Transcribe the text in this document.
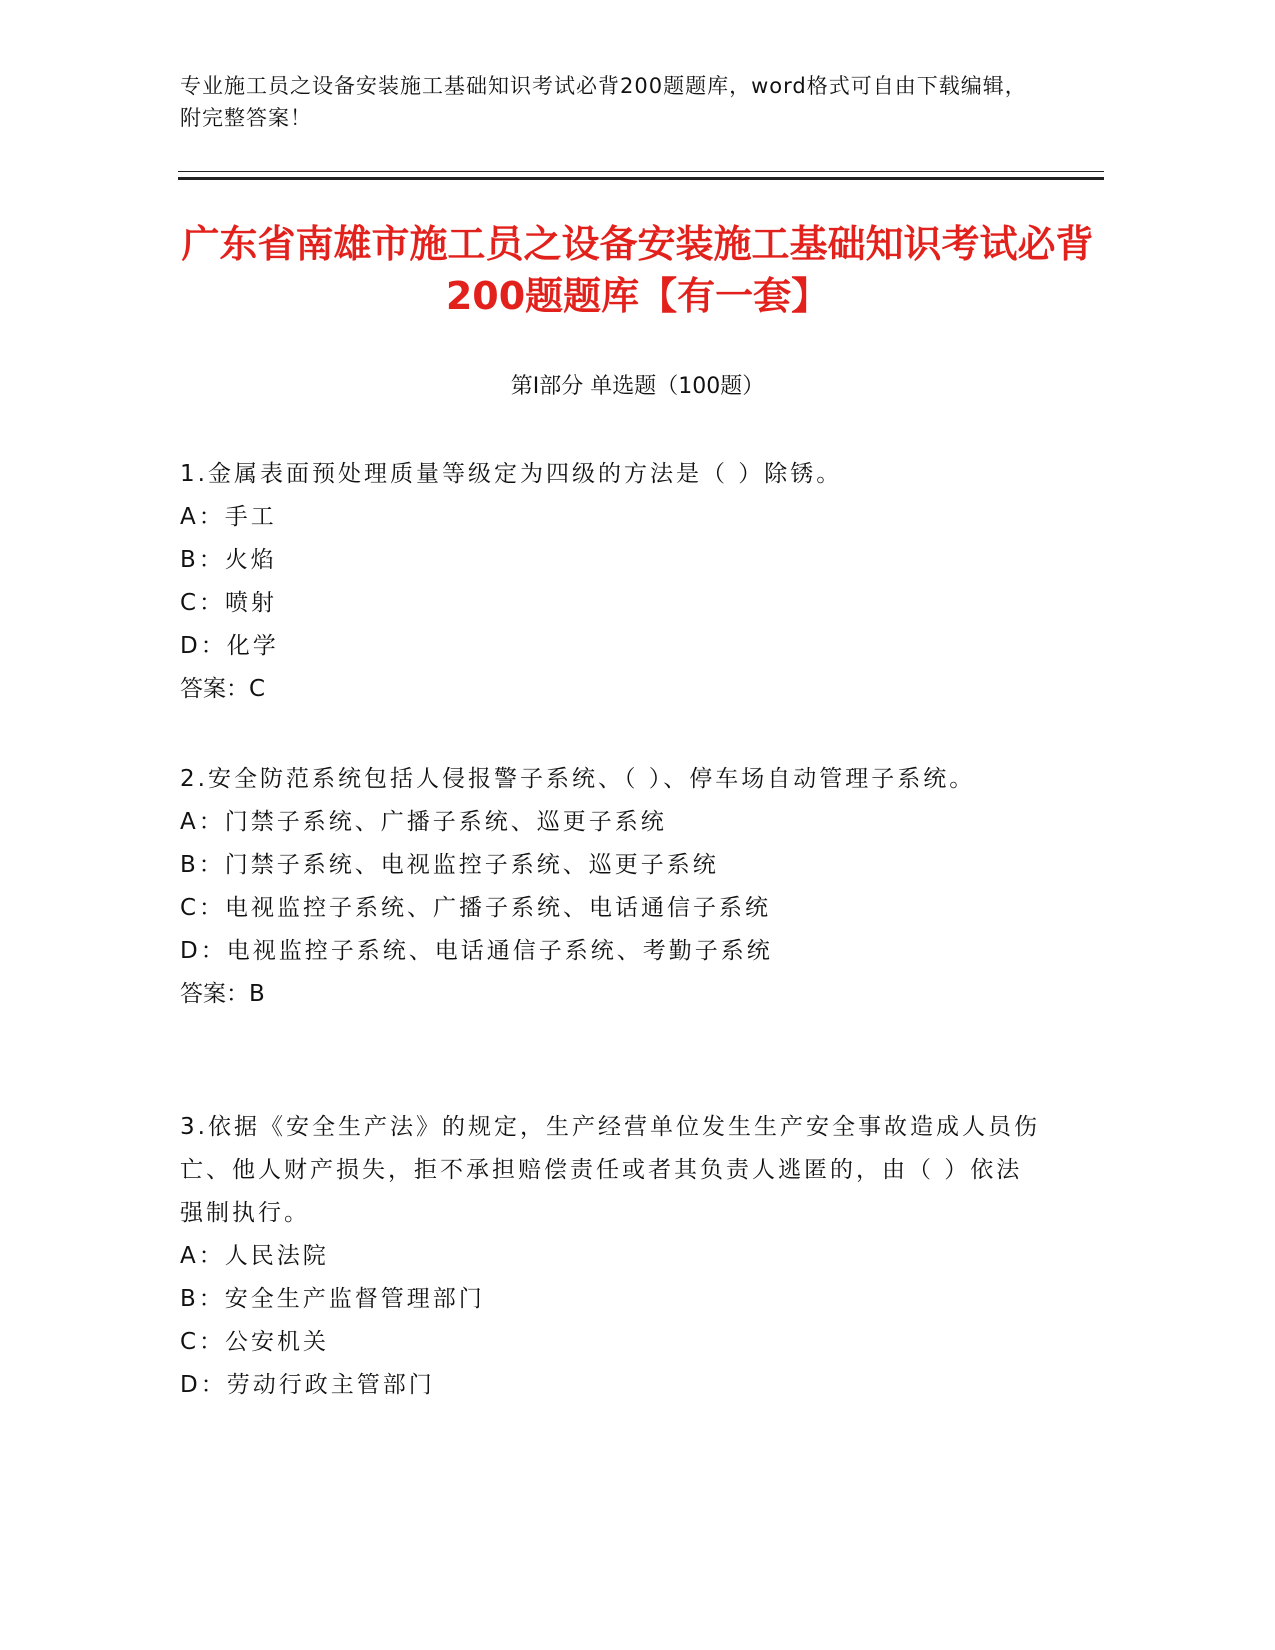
专业施工员之设备安装施工基础知识考试必背200题题库，word格式可自由下载编辑，附完整答案！
广东省南雄市施工员之设备安装施工基础知识考试必背200题题库【有一套】
第Ⅰ部分 单选题（100题）
1.金属表面预处理质量等级定为四级的方法是（ ）除锈。
A：手工
B：火焰
C：喷射
D：化学
答案：C
2.安全防范系统包括人侵报警子系统、（ ）、停车场自动管理子系统。
A：门禁子系统、广播子系统、巡更子系统
B：门禁子系统、电视监控子系统、巡更子系统
C：电视监控子系统、广播子系统、电话通信子系统
D：电视监控子系统、电话通信子系统、考勤子系统
答案：B
3.依据《安全生产法》的规定，生产经营单位发生生产安全事故造成人员伤亡、他人财产损失，拒不承担赔偿责任或者其负责人逃匿的，由（ ）依法强制执行。
A：人民法院
B：安全生产监督管理部门
C：公安机关
D：劳动行政主管部门
